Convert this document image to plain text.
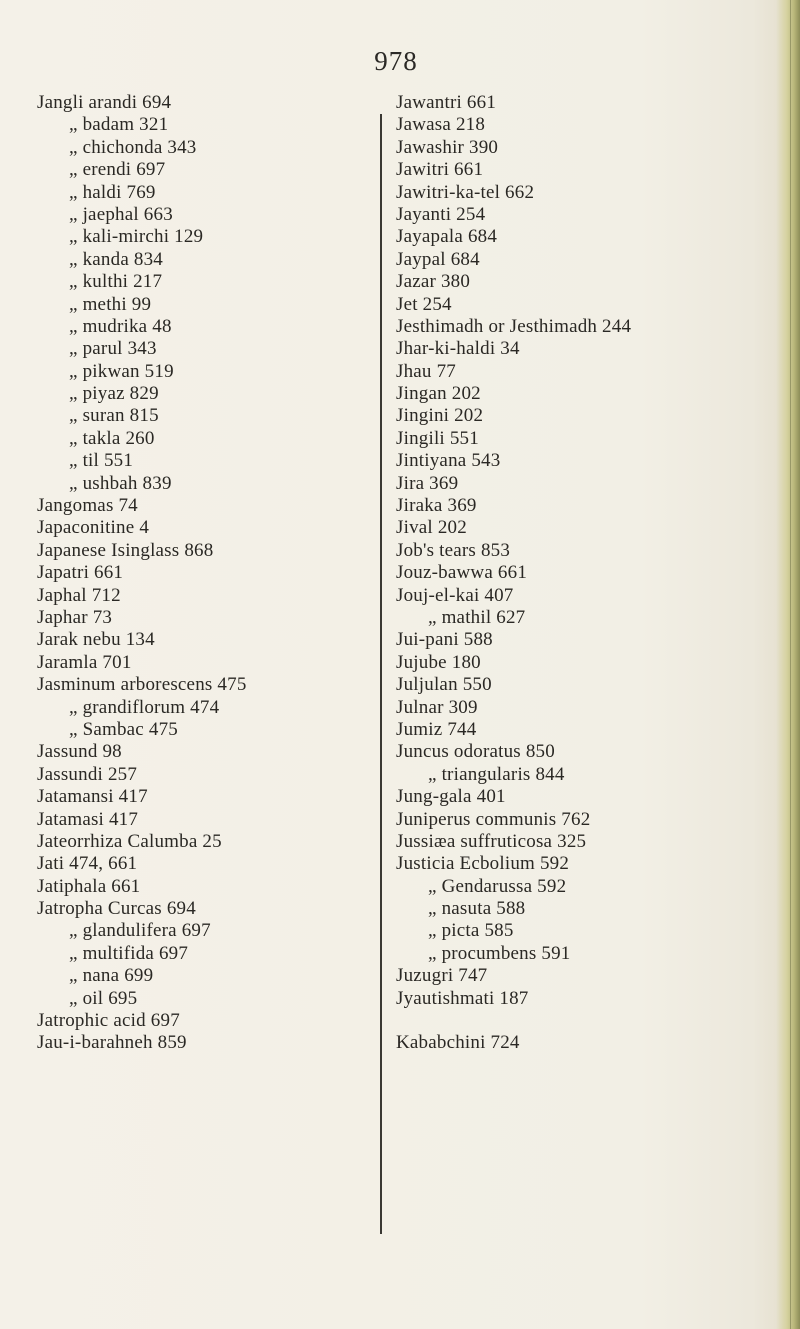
978
Jangli arandi 694
„ badam 321
„ chichonda 343
„ erendi 697
„ haldi 769
„ jaephal 663
„ kali-mirchi 129
„ kanda 834
„ kulthi 217
„ methi 99
„ mudrika 48
„ parul 343
„ pikwan 519
„ piyaz 829
„ suran 815
„ takla 260
„ til 551
„ ushbah 839
Jangomas 74
Japaconitine 4
Japanese Isinglass 868
Japatri 661
Japhal 712
Japhar 73
Jarak nebu 134
Jaramla 701
Jasminum arborescens 475
„ grandiflorum 474
„ Sambac 475
Jassund 98
Jassundi 257
Jatamansi 417
Jatamasi 417
Jateorrhiza Calumba 25
Jati 474, 661
Jatiphala 661
Jatropha Curcas 694
„ glandulifera 697
„ multifida 697
„ nana 699
„ oil 695
Jatrophic acid 697
Jau-i-barahneh 859
Jawantri 661
Jawasa 218
Jawashir 390
Jawitri 661
Jawitri-ka-tel 662
Jayanti 254
Jayapala 684
Jaypal 684
Jazar 380
Jet 254
Jesthimadh or Jesthimadh 244
Jhar-ki-haldi 34
Jhau 77
Jingan 202
Jingini 202
Jingili 551
Jintiyana 543
Jira 369
Jiraka 369
Jival 202
Job's tears 853
Jouz-bawwa 661
Jouj-el-kai 407
„ mathil 627
Jui-pani 588
Jujube 180
Juljulan 550
Julnar 309
Jumiz 744
Juncus odoratus 850
„ triangularis 844
Jung-gala 401
Juniperus communis 762
Jussiæa suffruticosa 325
Justicia Ecbolium 592
„ Gendarussa 592
„ nasuta 588
„ picta 585
„ procumbens 591
Juzugri 747
Jyautishmati 187
Kababchini 724
